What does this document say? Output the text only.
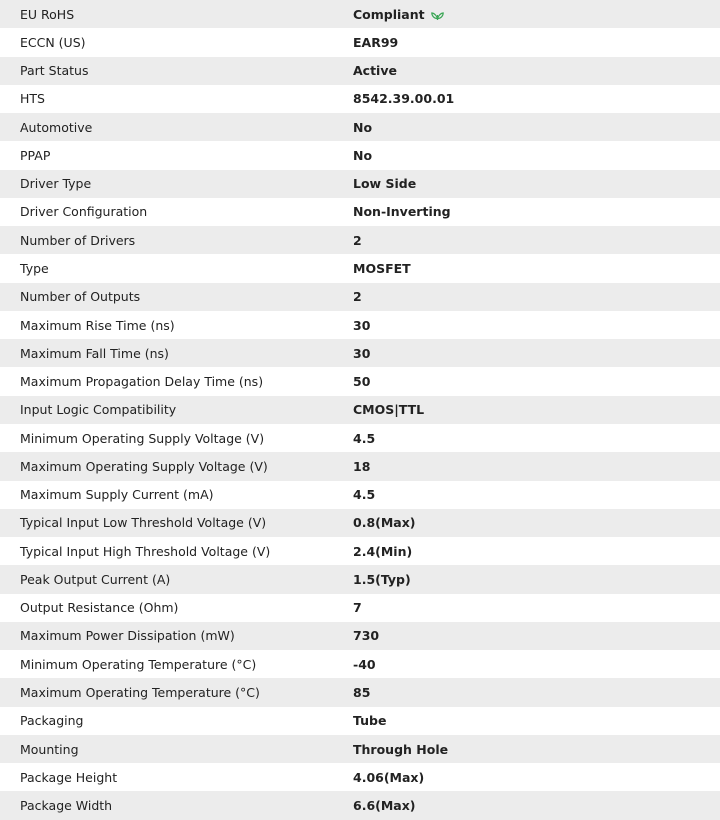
EU RoHS	Compliant
ECCN (US)	EAR99
Part Status	Active
HTS	8542.39.00.01
Automotive	No
PPAP	No
Driver Type	Low Side
Driver Configuration	Non-Inverting
Number of Drivers	2
Type	MOSFET
Number of Outputs	2
Maximum Rise Time (ns)	30
Maximum Fall Time (ns)	30
Maximum Propagation Delay Time (ns)	50
Input Logic Compatibility	CMOS|TTL
Minimum Operating Supply Voltage (V)	4.5
Maximum Operating Supply Voltage (V)	18
Maximum Supply Current (mA)	4.5
Typical Input Low Threshold Voltage (V)	0.8(Max)
Typical Input High Threshold Voltage (V)	2.4(Min)
Peak Output Current (A)	1.5(Typ)
Output Resistance (Ohm)	7
Maximum Power Dissipation (mW)	730
Minimum Operating Temperature (°C)	-40
Maximum Operating Temperature (°C)	85
Packaging	Tube
Mounting	Through Hole
Package Height	4.06(Max)
Package Width	6.6(Max)
